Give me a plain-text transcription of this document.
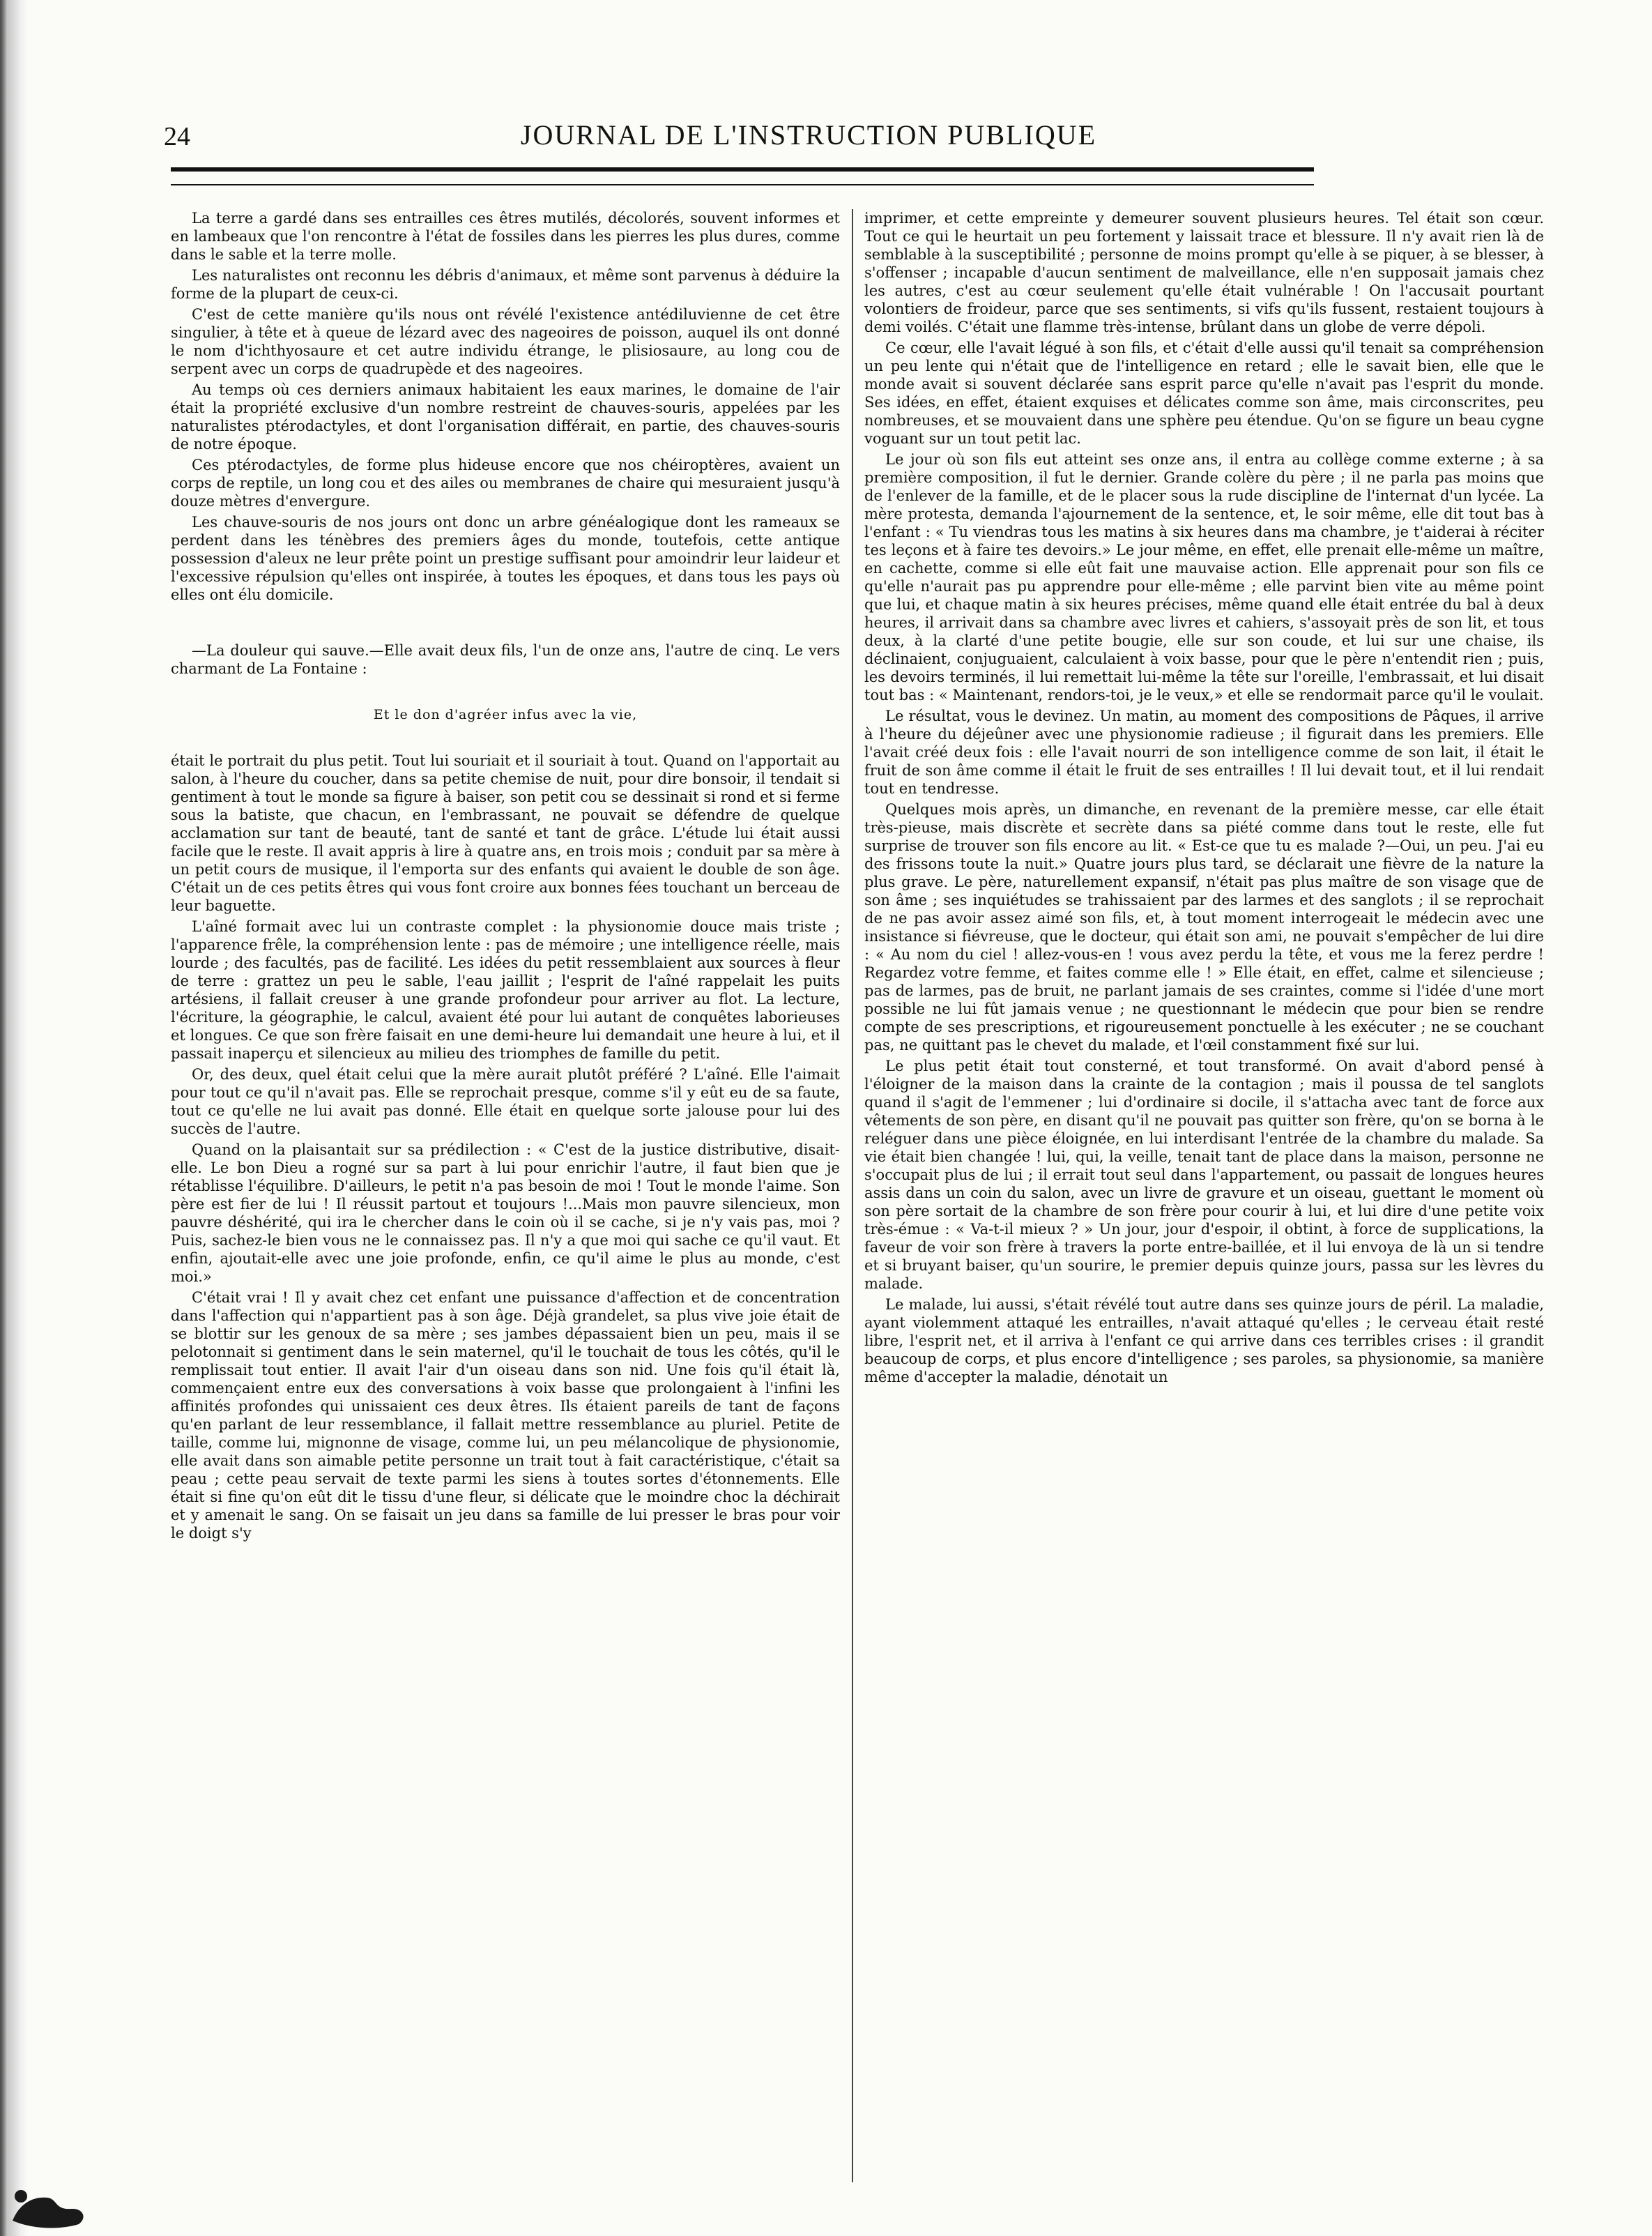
24	JOURNAL DE L'INSTRUCTION PUBLIQUE

La terre a gardé dans ses entrailles ces êtres mutilés, décolorés, souvent informes et en lambeaux que l'on rencontre à l'état de fossiles dans les pierres les plus dures, comme dans le sable et la terre molle.

Les naturalistes ont reconnu les débris d'animaux, et même sont parvenus à déduire la forme de la plupart de ceux-ci.

C'est de cette manière qu'ils nous ont révélé l'existence antédiluvienne de cet être singulier, à tête et à queue de lézard avec des nageoires de poisson, auquel ils ont donné le nom d'ichthyosaure et cet autre individu étrange, le plisiosaure, au long cou de serpent avec un corps de quadrupède et des nageoires.

Au temps où ces derniers animaux habitaient les eaux marines, le domaine de l'air était la propriété exclusive d'un nombre restreint de chauves-souris, appelées par les naturalistes ptérodactyles, et dont l'organisation différait, en partie, des chauves-souris de notre époque.

Ces ptérodactyles, de forme plus hideuse encore que nos chéiroptères, avaient un corps de reptile, un long cou et des ailes ou membranes de chaire qui mesuraient jusqu'à douze mètres d'envergure.

Les chauve-souris de nos jours ont donc un arbre généalogique dont les rameaux se perdent dans les ténèbres des premiers âges du monde, toutefois, cette antique possession d'aleux ne leur prête point un prestige suffisant pour amoindrir leur laideur et l'excessive répulsion qu'elles ont inspirée, à toutes les époques, et dans tous les pays où elles ont élu domicile.

—La douleur qui sauve.—Elle avait deux fils, l'un de onze ans, l'autre de cinq. Le vers charmant de La Fontaine :

Et le don d'agréer infus avec la vie,

était le portrait du plus petit. Tout lui souriait et il souriait à tout. Quand on l'apportait au salon, à l'heure du coucher, dans sa petite chemise de nuit, pour dire bonsoir, il tendait si gentiment à tout le monde sa figure à baiser, son petit cou se dessinait si rond et si ferme sous la batiste, que chacun, en l'embrassant, ne pouvait se défendre de quelque acclamation sur tant de beauté, tant de santé et tant de grâce. L'étude lui était aussi facile que le reste. Il avait appris à lire à quatre ans, en trois mois ; conduit par sa mère à un petit cours de musique, il l'emporta sur des enfants qui avaient le double de son âge. C'était un de ces petits êtres qui vous font croire aux bonnes fées touchant un berceau de leur baguette.

L'aîné formait avec lui un contraste complet : la physionomie douce mais triste ; l'apparence frêle, la compréhension lente : pas de mémoire ; une intelligence réelle, mais lourde ; des facultés, pas de facilité. Les idées du petit ressemblaient aux sources à fleur de terre : grattez un peu le sable, l'eau jaillit ; l'esprit de l'aîné rappelait les puits artésiens, il fallait creuser à une grande profondeur pour arriver au flot. La lecture, l'écriture, la géographie, le calcul, avaient été pour lui autant de conquêtes laborieuses et longues. Ce que son frère faisait en une demi-heure lui demandait une heure à lui, et il passait inaperçu et silencieux au milieu des triomphes de famille du petit.

Or, des deux, quel était celui que la mère aurait plutôt préféré ? L'aîné. Elle l'aimait pour tout ce qu'il n'avait pas. Elle se reprochait presque, comme s'il y eût eu de sa faute, tout ce qu'elle ne lui avait pas donné. Elle était en quelque sorte jalouse pour lui des succès de l'autre.

Quand on la plaisantait sur sa prédilection : « C'est de la justice distributive, disait-elle. Le bon Dieu a rogné sur sa part à lui pour enrichir l'autre, il faut bien que je rétablisse l'équilibre. D'ailleurs, le petit n'a pas besoin de moi ! Tout le monde l'aime. Son père est fier de lui ! Il réussit partout et toujours !...Mais mon pauvre silencieux, mon pauvre déshérité, qui ira le chercher dans le coin où il se cache, si je n'y vais pas, moi ? Puis, sachez-le bien vous ne le connaissez pas. Il n'y a que moi qui sache ce qu'il vaut. Et enfin, ajoutait-elle avec une joie profonde, enfin, ce qu'il aime le plus au monde, c'est moi.»

C'était vrai ! Il y avait chez cet enfant une puissance d'affection et de concentration dans l'affection qui n'appartient pas à son âge. Déjà grandelet, sa plus vive joie était de se blottir sur les genoux de sa mère ; ses jambes dépassaient bien un peu, mais il se pelotonnait si gentiment dans le sein maternel, qu'il le touchait de tous les côtés, qu'il le remplissait tout entier. Il avait l'air d'un oiseau dans son nid. Une fois qu'il était là, commençaient entre eux des conversations à voix basse que prolongaient à l'infini les affinités profondes qui unissaient ces deux êtres. Ils étaient pareils de tant de façons qu'en parlant de leur ressemblance, il fallait mettre ressemblance au pluriel. Petite de taille, comme lui, mignonne de visage, comme lui, un peu mélancolique de physionomie, elle avait dans son aimable petite personne un trait tout à fait caractéristique, c'était sa peau ; cette peau servait de texte parmi les siens à toutes sortes d'étonnements. Elle était si fine qu'on eût dit le tissu d'une fleur, si délicate que le moindre choc la déchirait et y amenait le sang. On se faisait un jeu dans sa famille de lui presser le bras pour voir le doigt s'y

imprimer, et cette empreinte y demeurer souvent plusieurs heures. Tel était son cœur. Tout ce qui le heurtait un peu fortement y laissait trace et blessure. Il n'y avait rien là de semblable à la susceptibilité ; personne de moins prompt qu'elle à se piquer, à se blesser, à s'offenser ; incapable d'aucun sentiment de malveillance, elle n'en supposait jamais chez les autres, c'est au cœur seulement qu'elle était vulnérable ! On l'accusait pourtant volontiers de froideur, parce que ses sentiments, si vifs qu'ils fussent, restaient toujours à demi voilés. C'était une flamme très-intense, brûlant dans un globe de verre dépoli.

Ce cœur, elle l'avait légué à son fils, et c'était d'elle aussi qu'il tenait sa compréhension un peu lente qui n'était que de l'intelligence en retard ; elle le savait bien, elle que le monde avait si souvent déclarée sans esprit parce qu'elle n'avait pas l'esprit du monde. Ses idées, en effet, étaient exquises et délicates comme son âme, mais circonscrites, peu nombreuses, et se mouvaient dans une sphère peu étendue. Qu'on se figure un beau cygne voguant sur un tout petit lac.

Le jour où son fils eut atteint ses onze ans, il entra au collège comme externe ; à sa première composition, il fut le dernier. Grande colère du père ; il ne parla pas moins que de l'enlever de la famille, et de le placer sous la rude discipline de l'internat d'un lycée. La mère protesta, demanda l'ajournement de la sentence, et, le soir même, elle dit tout bas à l'enfant : « Tu viendras tous les matins à six heures dans ma chambre, je t'aiderai à réciter tes leçons et à faire tes devoirs.» Le jour même, en effet, elle prenait elle-même un maître, en cachette, comme si elle eût fait une mauvaise action. Elle apprenait pour son fils ce qu'elle n'aurait pas pu apprendre pour elle-même ; elle parvint bien vite au même point que lui, et chaque matin à six heures précises, même quand elle était entrée du bal à deux heures, il arrivait dans sa chambre avec livres et cahiers, s'assoyait près de son lit, et tous deux, à la clarté d'une petite bougie, elle sur son coude, et lui sur une chaise, ils déclinaient, conjuguaient, calculaient à voix basse, pour que le père n'entendit rien ; puis, les devoirs terminés, il lui remettait lui-même la tête sur l'oreille, l'embrassait, et lui disait tout bas : « Maintenant, rendors-toi, je le veux,» et elle se rendormait parce qu'il le voulait.

Le résultat, vous le devinez. Un matin, au moment des compositions de Pâques, il arrive à l'heure du déjeûner avec une physionomie radieuse ; il figurait dans les premiers. Elle l'avait créé deux fois : elle l'avait nourri de son intelligence comme de son lait, il était le fruit de son âme comme il était le fruit de ses entrailles ! Il lui devait tout, et il lui rendait tout en tendresse.

Quelques mois après, un dimanche, en revenant de la première messe, car elle était très-pieuse, mais discrète et secrète dans sa piété comme dans tout le reste, elle fut surprise de trouver son fils encore au lit. « Est-ce que tu es malade ?—Oui, un peu. J'ai eu des frissons toute la nuit.» Quatre jours plus tard, se déclarait une fièvre de la nature la plus grave. Le père, naturellement expansif, n'était pas plus maître de son visage que de son âme ; ses inquiétudes se trahissaient par des larmes et des sanglots ; il se reprochait de ne pas avoir assez aimé son fils, et, à tout moment interrogeait le médecin avec une insistance si fiévreuse, que le docteur, qui était son ami, ne pouvait s'empêcher de lui dire : « Au nom du ciel ! allez-vous-en ! vous avez perdu la tête, et vous me la ferez perdre ! Regardez votre femme, et faites comme elle ! » Elle était, en effet, calme et silencieuse ; pas de larmes, pas de bruit, ne parlant jamais de ses craintes, comme si l'idée d'une mort possible ne lui fût jamais venue ; ne questionnant le médecin que pour bien se rendre compte de ses prescriptions, et rigoureusement ponctuelle à les exécuter ; ne se couchant pas, ne quittant pas le chevet du malade, et l'œil constamment fixé sur lui.

Le plus petit était tout consterné, et tout transformé. On avait d'abord pensé à l'éloigner de la maison dans la crainte de la contagion ; mais il poussa de tel sanglots quand il s'agit de l'emmener ; lui d'ordinaire si docile, il s'attacha avec tant de force aux vêtements de son père, en disant qu'il ne pouvait pas quitter son frère, qu'on se borna à le reléguer dans une pièce éloignée, en lui interdisant l'entrée de la chambre du malade. Sa vie était bien changée ! lui, qui, la veille, tenait tant de place dans la maison, personne ne s'occupait plus de lui ; il errait tout seul dans l'appartement, ou passait de longues heures assis dans un coin du salon, avec un livre de gravure et un oiseau, guettant le moment où son père sortait de la chambre de son frère pour courir à lui, et lui dire d'une petite voix très-émue : « Va-t-il mieux ? » Un jour, jour d'espoir, il obtint, à force de supplications, la faveur de voir son frère à travers la porte entre-baillée, et il lui envoya de là un si tendre et si bruyant baiser, qu'un sourire, le premier depuis quinze jours, passa sur les lèvres du malade.

Le malade, lui aussi, s'était révélé tout autre dans ses quinze jours de péril. La maladie, ayant violemment attaqué les entrailles, n'avait attaqué qu'elles ; le cerveau était resté libre, l'esprit net, et il arriva à l'enfant ce qui arrive dans ces terribles crises : il grandit beaucoup de corps, et plus encore d'intelligence ; ses paroles, sa physionomie, sa manière même d'accepter la maladie, dénotait un
